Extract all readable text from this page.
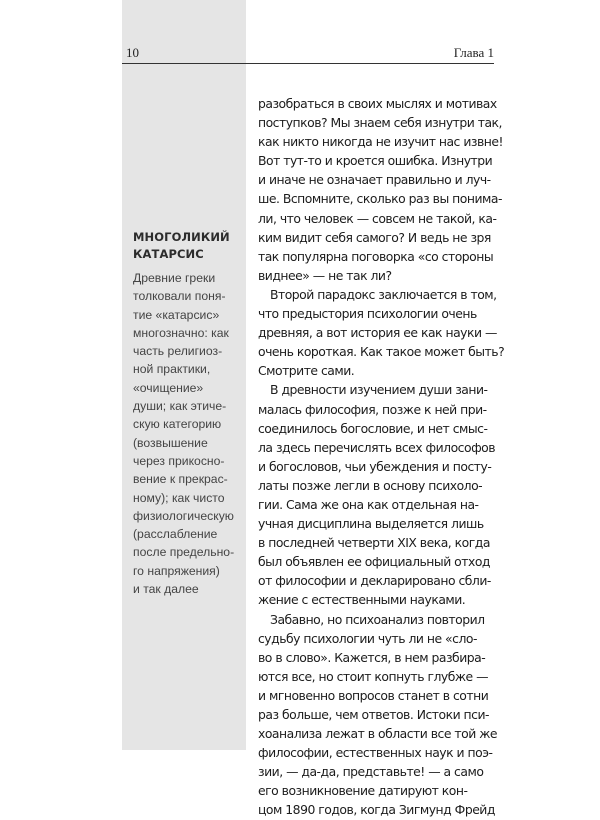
10	Глава 1
МНОГОЛИКИЙ
КАТАРСИС
Древние греки
толковали поня-
тие «катарсис»
многозначно: как
часть религиоз-
ной практики,
«очищение»
души; как этиче-
скую категорию
(возвышение
через прикосно-
вение к прекрас-
ному); как чисто
физиологическую
(расслабление
после предельно-
го напряжения)
и так далее
разобраться в своих мыслях и мотивах
поступков? Мы знаем себя изнутри так,
как никто никогда не изучит нас извне!
Вот тут-то и кроется ошибка. Изнутри
и иначе не означает правильно и луч-
ше. Вспомните, сколько раз вы понима-
ли, что человек — совсем не такой, ка-
ким видит себя самого? И ведь не зря
так популярна поговорка «со стороны
виднее» — не так ли?
Второй парадокс заключается в том,
что предыстория психологии очень
древняя, а вот история ее как науки —
очень короткая. Как такое может быть?
Смотрите сами.
В древности изучением души зани-
малась философия, позже к ней при-
соединилось богословие, и нет смыс-
ла здесь перечислять всех философов
и богословов, чьи убеждения и посту-
латы позже легли в основу психоло-
гии. Сама же она как отдельная на-
учная дисциплина выделяется лишь
в последней четверти XIX века, когда
был объявлен ее официальный отход
от философии и декларировано сбли-
жение с естественными науками.
Забавно, но психоанализ повторил
судьбу психологии чуть ли не «сло-
во в слово». Кажется, в нем разбира-
ются все, но стоит копнуть глубже —
и мгновенно вопросов станет в сотни
раз больше, чем ответов. Истоки пси-
хоанализа лежат в области все той же
философии, естественных наук и поэ-
зии, — да-да, представьте! — а само
его возникновение датируют кон-
цом 1890 годов, когда Зигмунд Фрейд
